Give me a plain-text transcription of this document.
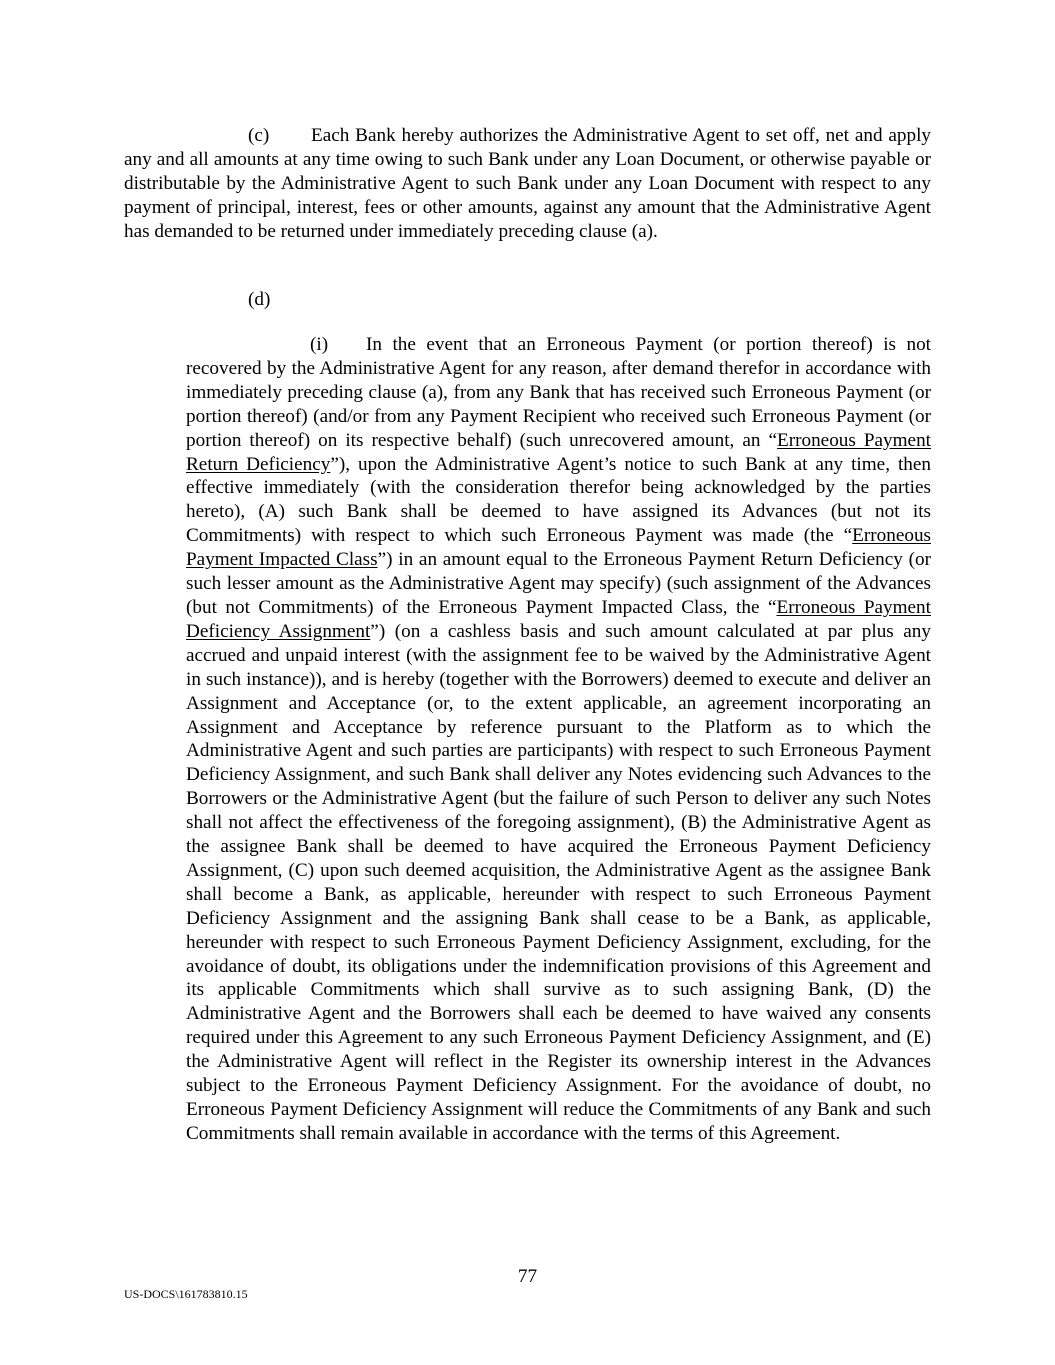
(c) Each Bank hereby authorizes the Administrative Agent to set off, net and apply any and all amounts at any time owing to such Bank under any Loan Document, or otherwise payable or distributable by the Administrative Agent to such Bank under any Loan Document with respect to any payment of principal, interest, fees or other amounts, against any amount that the Administrative Agent has demanded to be returned under immediately preceding clause (a).

(d)

(i) In the event that an Erroneous Payment (or portion thereof) is not recovered by the Administrative Agent for any reason, after demand therefor in accordance with immediately preceding clause (a), from any Bank that has received such Erroneous Payment (or portion thereof) (and/or from any Payment Recipient who received such Erroneous Payment (or portion thereof) on its respective behalf) (such unrecovered amount, an “Erroneous Payment Return Deficiency”), upon the Administrative Agent’s notice to such Bank at any time, then effective immediately (with the consideration therefor being acknowledged by the parties hereto), (A) such Bank shall be deemed to have assigned its Advances (but not its Commitments) with respect to which such Erroneous Payment was made (the “Erroneous Payment Impacted Class”) in an amount equal to the Erroneous Payment Return Deficiency (or such lesser amount as the Administrative Agent may specify) (such assignment of the Advances (but not Commitments) of the Erroneous Payment Impacted Class, the “Erroneous Payment Deficiency Assignment”) (on a cashless basis and such amount calculated at par plus any accrued and unpaid interest (with the assignment fee to be waived by the Administrative Agent in such instance)), and is hereby (together with the Borrowers) deemed to execute and deliver an Assignment and Acceptance (or, to the extent applicable, an agreement incorporating an Assignment and Acceptance by reference pursuant to the Platform as to which the Administrative Agent and such parties are participants) with respect to such Erroneous Payment Deficiency Assignment, and such Bank shall deliver any Notes evidencing such Advances to the Borrowers or the Administrative Agent (but the failure of such Person to deliver any such Notes shall not affect the effectiveness of the foregoing assignment), (B) the Administrative Agent as the assignee Bank shall be deemed to have acquired the Erroneous Payment Deficiency Assignment, (C) upon such deemed acquisition, the Administrative Agent as the assignee Bank shall become a Bank, as applicable, hereunder with respect to such Erroneous Payment Deficiency Assignment and the assigning Bank shall cease to be a Bank, as applicable, hereunder with respect to such Erroneous Payment Deficiency Assignment, excluding, for the avoidance of doubt, its obligations under the indemnification provisions of this Agreement and its applicable Commitments which shall survive as to such assigning Bank, (D) the Administrative Agent and the Borrowers shall each be deemed to have waived any consents required under this Agreement to any such Erroneous Payment Deficiency Assignment, and (E) the Administrative Agent will reflect in the Register its ownership interest in the Advances subject to the Erroneous Payment Deficiency Assignment. For the avoidance of doubt, no Erroneous Payment Deficiency Assignment will reduce the Commitments of any Bank and such Commitments shall remain available in accordance with the terms of this Agreement.

77
US-DOCS\161783810.15
